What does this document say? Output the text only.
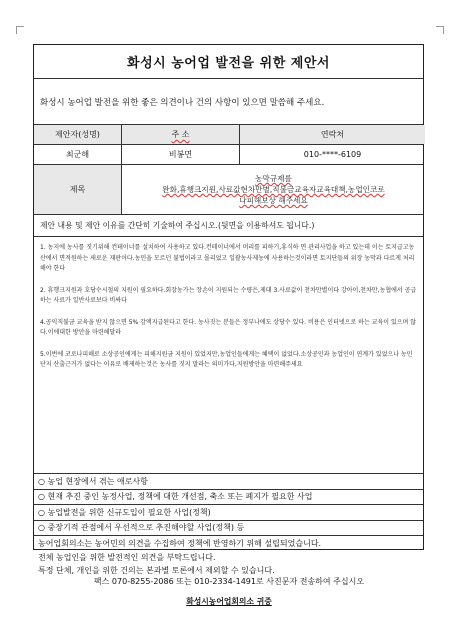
화성시 농어업 발전을 위한 제안서
화성시 농어업 발전을 위한 좋은 의견이나 건의 사항이 있으면 말씀해 주세요.
제안자(성명)	주 소	연락처
최군해	비봉면	010-****-6109
제목
농막규제를
완화,휴행크지원,사료값현차만별,직불금교육자교육대책,농업인코로
나피해보상 해주세요
제안 내용 및 제안 이유를 간단히 기술하여 주십시오.(뒷면을 이용하셔도 됩니다.)

1. 농지에 농사를 짓기위해 컨테이너를 설치하여 사용하고 있다.컨테이너에서 머리를 피하기,휴식하 면 관리사업을 하고 있는데 이는 토지급고농산에서 면적원하는 새로운 재판이다.농민을 모르던 불법이라고 몰리었고 일괄농사제농에 사용하는것이라면 토지단들의 위장 농막과 다르게 처리해야 한다

2. 휴행크지원과 호당수시철의 지원이 필요하다.회장농가는 장손이 지원되는 수량은,제대 3.사료값이 천차만별이다 강아이,천차만,농협에서 공급하는 사료가 일반사료보다 비싸다

4.공익직불금 교육을 받지 않으면 5% 감액지급된다고 한다. 농사짓는 분들은 정부나에도 상당수 있다. 비용은 인터넷으로 하는 교육이 있으며 않다.이에대한 방안을 마련해달라

5.이번에 코로나피해로 소상공인에게는 피해지원금 지원이 있었지만,농업인들에게는 혜택이 없었다.소상공인과 농업인이 연계가 있었으나 농민 단지 산출근거가 없다는 이유로 배제하는것은 농사를 짓지 말라는 의미가다,지원방안을 마련해주세요

○ 농업 현장에서 겪는 애로사항
○ 현재 추진 중인 농정사업, 정책에 대한 개선점, 축소 또는 폐지가 필요한 사업
○ 농업발전을 위한 신규도입이 필요한 사업(정책)
○ 중장기적 관점에서 우선적으로 추진해야할 사업(정책) 등
농어업회의소는 농어민의 의견을 수집하여 정책에 반영하기 위해 설립되었습니다.
전체 농업인을 위한 발전적인 의견을 부탁드립니다.
특정 단체, 개인을 위한 건의는 본과별 토론에서 제외할 수 있습니다.
팩스 070-8255-2086 또는 010-2334-1491로 사진문자 전송하여 주십시오
화성시농어업회의소 귀중
